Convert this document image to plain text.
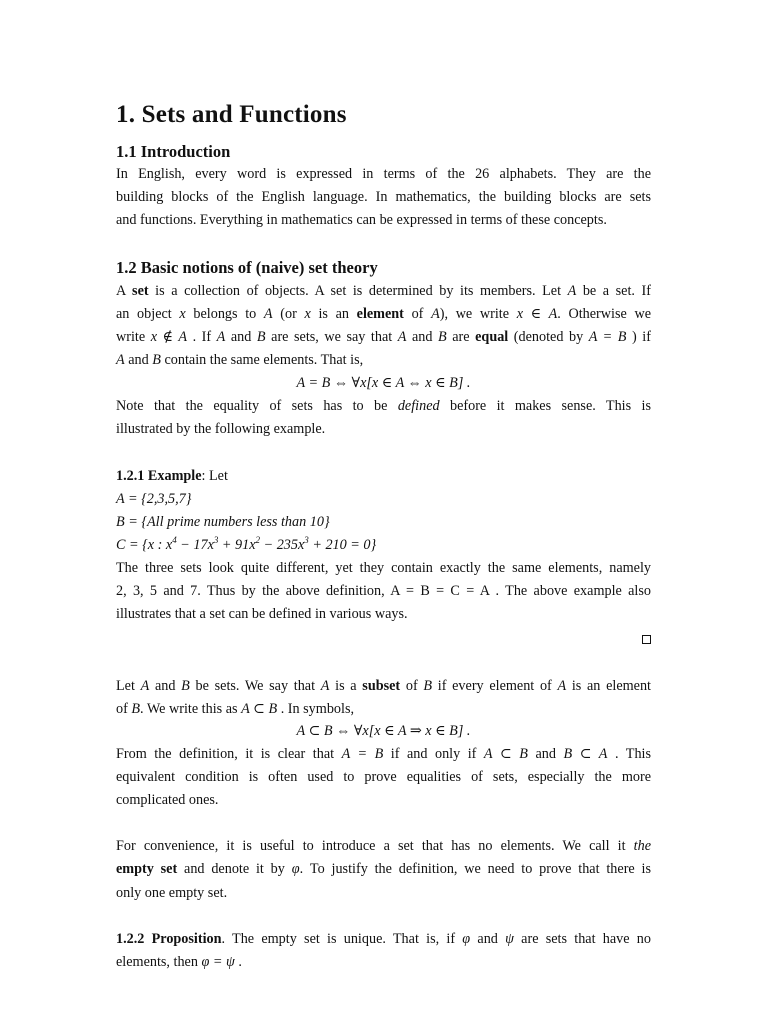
1. Sets and Functions
1.1 Introduction
In English, every word is expressed in terms of the 26 alphabets. They are the
building blocks of the English language. In mathematics, the building blocks are sets
and functions. Everything in mathematics can be expressed in terms of these concepts.
1.2 Basic notions of (naive) set theory
A set is a collection of objects. A set is determined by its members. Let A be a set. If
an object x belongs to A (or x is an element of A), we write x ∈ A. Otherwise we
write x ∉ A . If A and B are sets, we say that A and B are equal (denoted by A = B ) if
A and B contain the same elements. That is,
A = B ⇔ ∀x[x ∈ A ⇔ x ∈ B] .
Note that the equality of sets has to be defined before it makes sense. This is
illustrated by the following example.
1.2.1 Example: Let
A = {2,3,5,7}
B = {All prime numbers less than 10}
C = {x : $x^4 - 17x^3 + 91x^2 - 235x^3 + 210 = 0$}
The three sets look quite different, yet they contain exactly the same elements, namely
2, 3, 5 and 7. Thus by the above definition, A = B = C = A . The above example also
illustrates that a set can be defined in various ways.
Let A and B be sets. We say that A is a subset of B if every element of A is an element
of B. We write this as A ⊂ B . In symbols,
A ⊂ B ⇔ ∀x[x ∈ A ⇒ x ∈ B] .
From the definition, it is clear that A = B if and only if A ⊂ B and B ⊂ A . This
equivalent condition is often used to prove equalities of sets, especially the more
complicated ones.
For convenience, it is useful to introduce a set that has no elements. We call it the
empty set and denote it by φ. To justify the definition, we need to prove that there is
only one empty set.
1.2.2 Proposition. The empty set is unique. That is, if φ and ψ are sets that have no
elements, then φ = ψ .
